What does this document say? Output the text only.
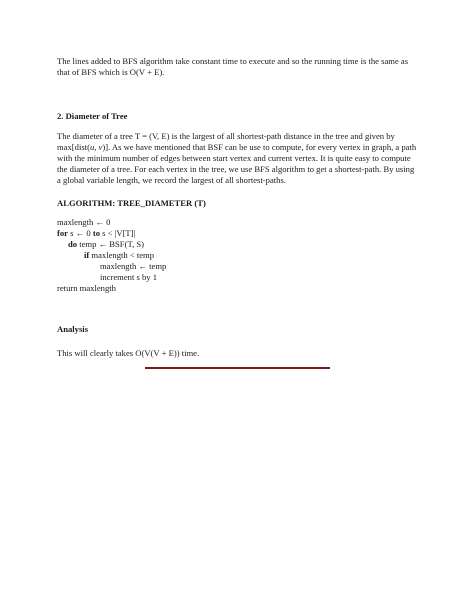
The lines added to BFS algorithm take constant time to execute and so the running time is the same as that of BFS which is O(V + E).

2. Diameter of Tree

The diameter of a tree T = (V, E) is the largest of all shortest-path distance in the tree and given by max[dist(u, v)]. As we have mentioned that BSF can be use to compute, for every vertex in graph, a path with the minimum number of edges between start vertex and current vertex. It is quite easy to compute the diameter of a tree. For each vertex in the tree, we use BFS algorithm to get a shortest-path. By using a global variable length, we record the largest of all shortest-paths.

ALGORITHM: TREE_DIAMETER (T)

maxlength ← 0
for s ← 0 to s < |V[T]|
do temp ← BSF(T, S)
if maxlength < temp
maxlength ← temp
increment s by 1
return maxlength

Analysis

This will clearly takes O(V(V + E)) time.
